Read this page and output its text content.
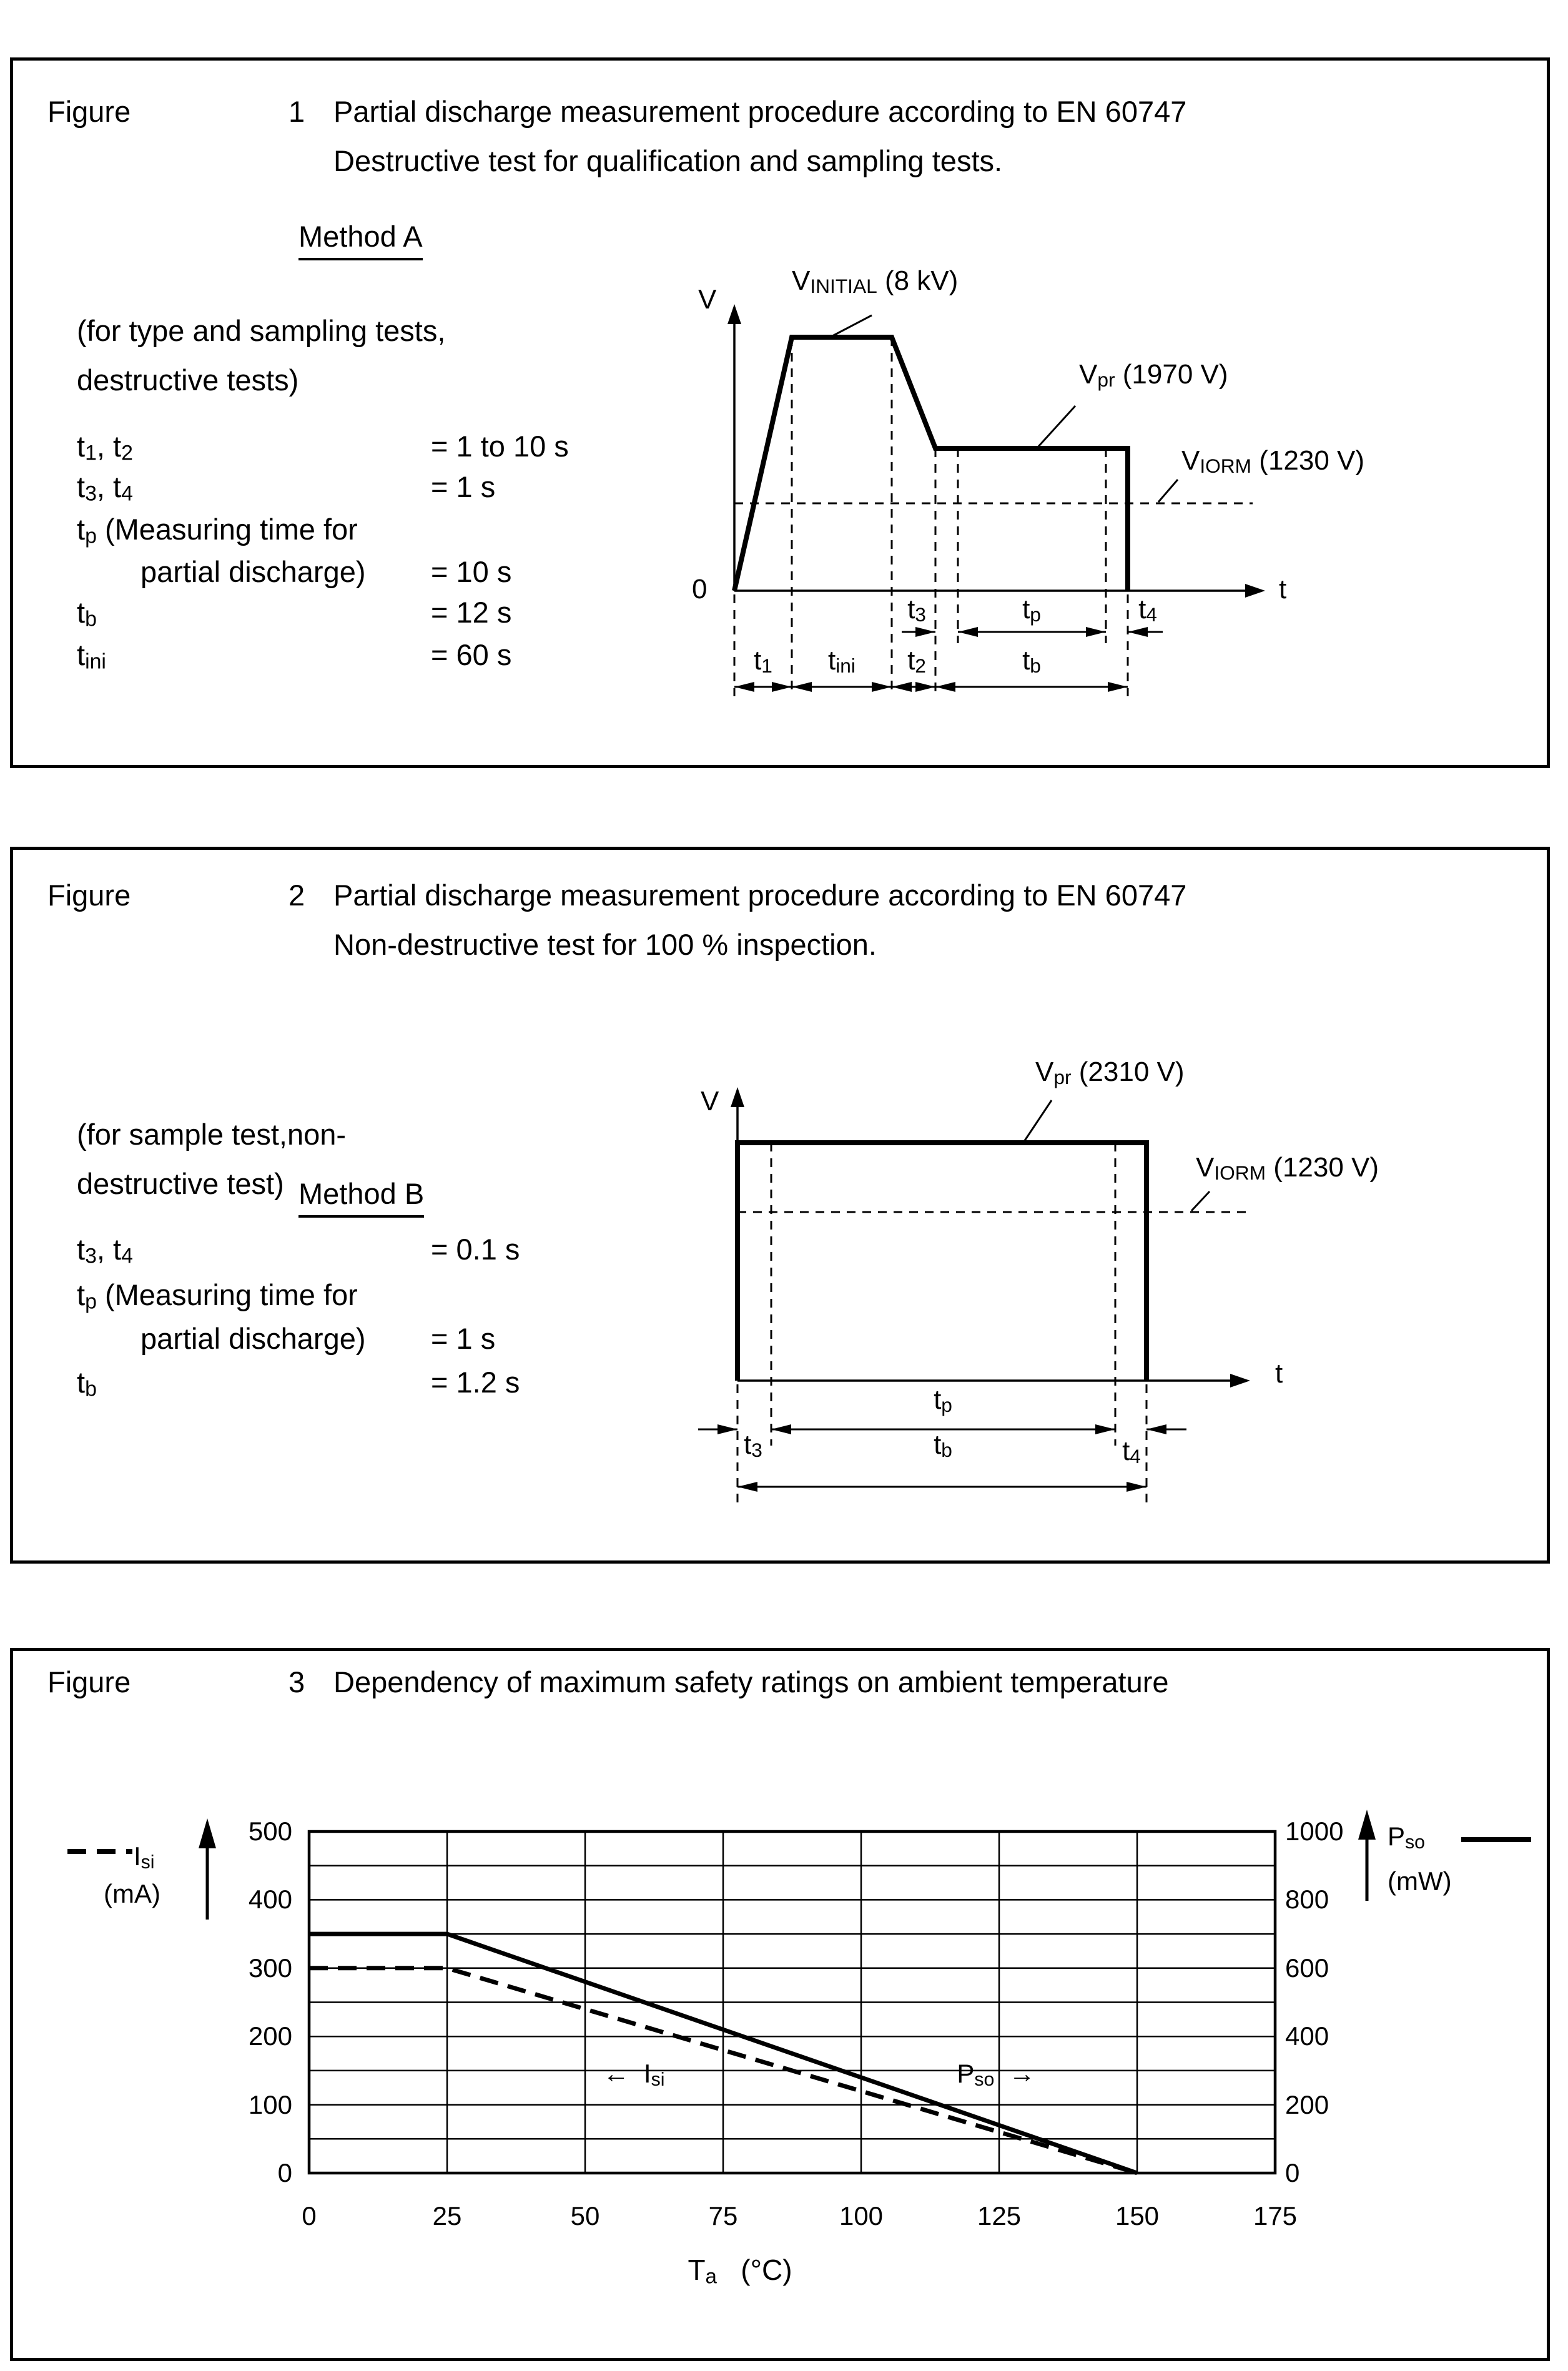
Figure	1 Partial discharge measurement procedure according to EN 60747
Destructive test for qualification and sampling tests.
Method A
(for type and sampling tests,
destructive tests)
t1, t2	= 1 to 10 s
t3, t4	= 1 s
tp (Measuring time for
partial discharge) = 10 s
tb	= 12 s
tini	= 60 s
V
0	t
VINITIAL (8 kV)
Vpr (1970 V)
VIORM (1230 V)
t3	tp	t4
t1 tini t2	tb
Figure	2 Partial discharge measurement procedure according to EN 60747
Non-destructive test for 100 % inspection.
Method B
(for sample test,non-
destructive test)
t3, t4	= 0.1 s
tp (Measuring time for
partial discharge) = 1 s
tb	= 1.2 s
V
t
Vpr (2310 V)
VIORM (1230 V)
tp
t3	tb	t4
Figure	3 Dependency of maximum safety ratings on ambient temperature
Isi
(mA)
Pso
(mW)
←  Isi	Pso  →
500
400
300
200
100
0
1000
800
600
400
200
0
0	25	50	75	100	125	150	175
Ta   (°C)
